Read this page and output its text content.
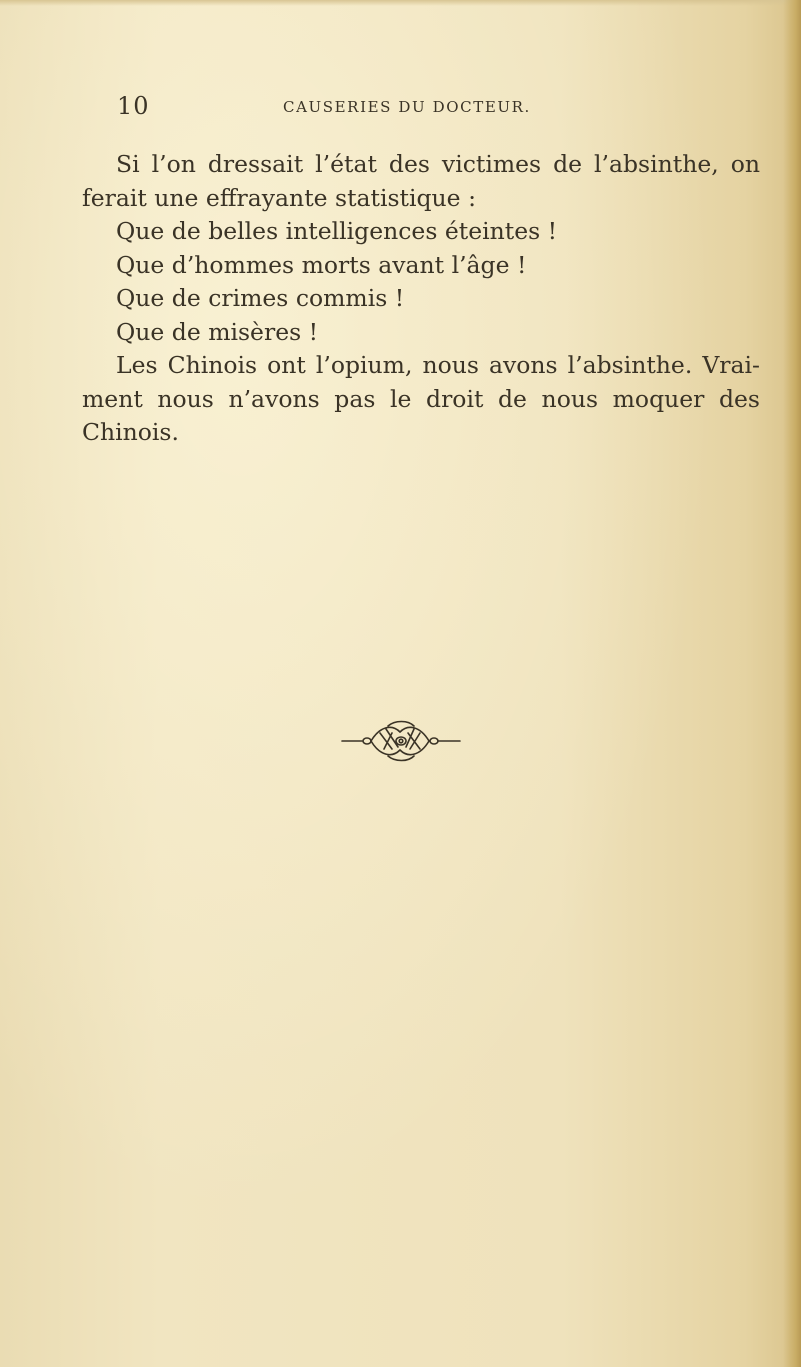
10	CAUSERIES DU DOCTEUR.

Si l’on dressait l’état des victimes de l’absinthe, on

ferait une effrayante statistique :

Que de belles intelligences éteintes !

Que d’hommes morts avant l’âge !

Que de crimes commis !

Que de misères !

Les Chinois ont l’opium, nous avons l’absinthe. Vrai-

ment nous n’avons pas le droit de nous moquer des

Chinois.
